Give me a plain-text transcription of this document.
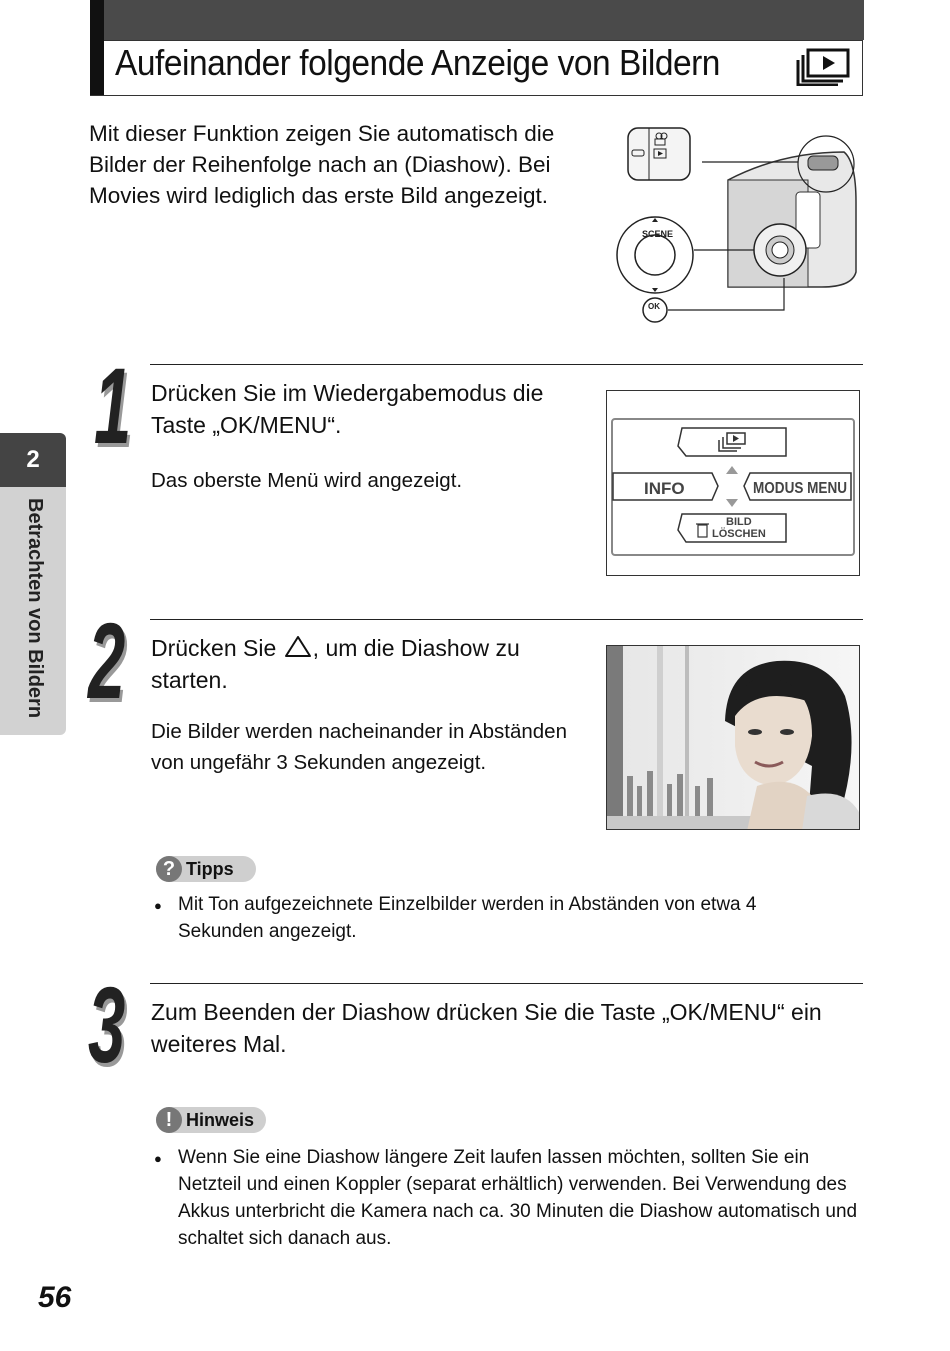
Aufeinander folgende Anzeige von Bildern
Mit dieser Funktion zeigen Sie automatisch die Bilder der Reihenfolge nach an (Diashow). Bei Movies wird lediglich das erste Bild angezeigt.
SCENE
OK
2
Betrachten von Bildern
1 Drücken Sie im Wiedergabemodus die Taste „OK/MENU“.
Das oberste Menü wird angezeigt.	INFO	MODUS MENU
BILD
LÖSCHEN
2 Drücken Sie , um die Diashow zu starten.
Die Bilder werden nacheinander in Abständen von ungefähr 3 Sekunden angezeigt.
? Tipps
● Mit Ton aufgezeichnete Einzelbilder werden in Abständen von etwa 4 Sekunden angezeigt.
3 Zum Beenden der Diashow drücken Sie die Taste „OK/MENU“ ein weiteres Mal.
! Hinweis
● Wenn Sie eine Diashow längere Zeit laufen lassen möchten, sollten Sie ein Netzteil und einen Koppler (separat erhältlich) verwenden. Bei Verwendung des Akkus unterbricht die Kamera nach ca. 30 Minuten die Diashow automatisch und schaltet sich danach aus.
56
